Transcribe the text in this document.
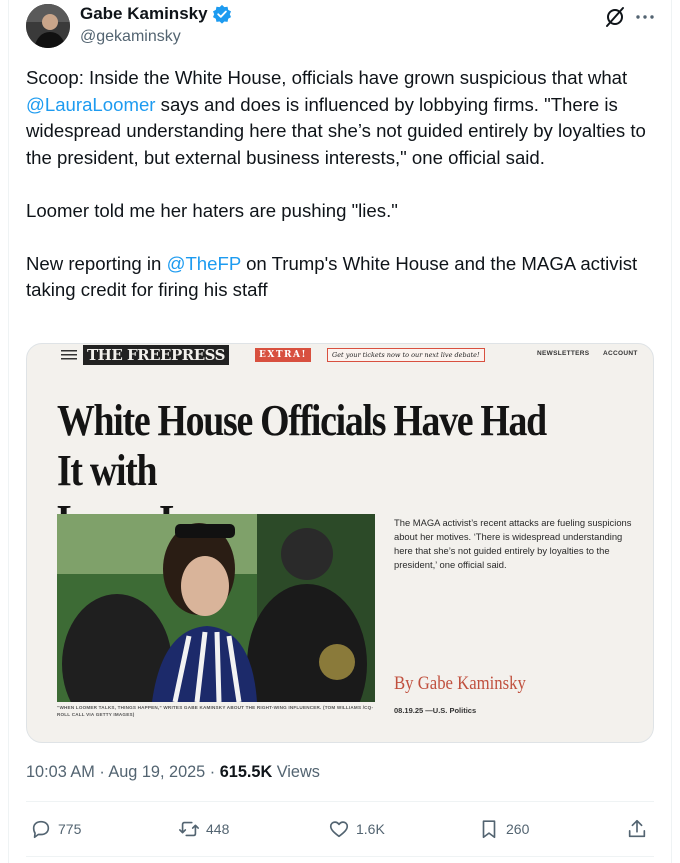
Gabe Kaminsky
@gekaminsky

Scoop: Inside the White House, officials have grown suspicious that what @LauraLoomer says and does is influenced by lobbying firms. "There is widespread understanding here that she’s not guided entirely by loyalties to the president, but external business interests," one official said.

Loomer told me her haters are pushing "lies."

New reporting in @TheFP on Trump's White House and the MAGA activist taking credit for firing his staff

THE FREEPRESS	EXTRA!	Get your tickets now to our next live debate!	NEWSLETTERS ACCOUNT
White House Officials Have Had It with
“WHEN LOOMER TALKS, THINGS HAPPEN,” WRITES GABE KAMINSKY ABOUT THE RIGHT-WING INFLUENCER. (TOM WILLIAMS /CQ-ROLL CALL VIA GETTY IMAGES)
The MAGA activist’s recent attacks are fueling suspicions about her motives. ‘There is widespread understanding here that she’s not guided entirely by loyalties to the president,’ one official said.
By Gabe Kaminsky
08.19.25 —U.S. Politics
10:03 AM · Aug 19, 2025 · 615.5K Views
775	448	1.6K	260
